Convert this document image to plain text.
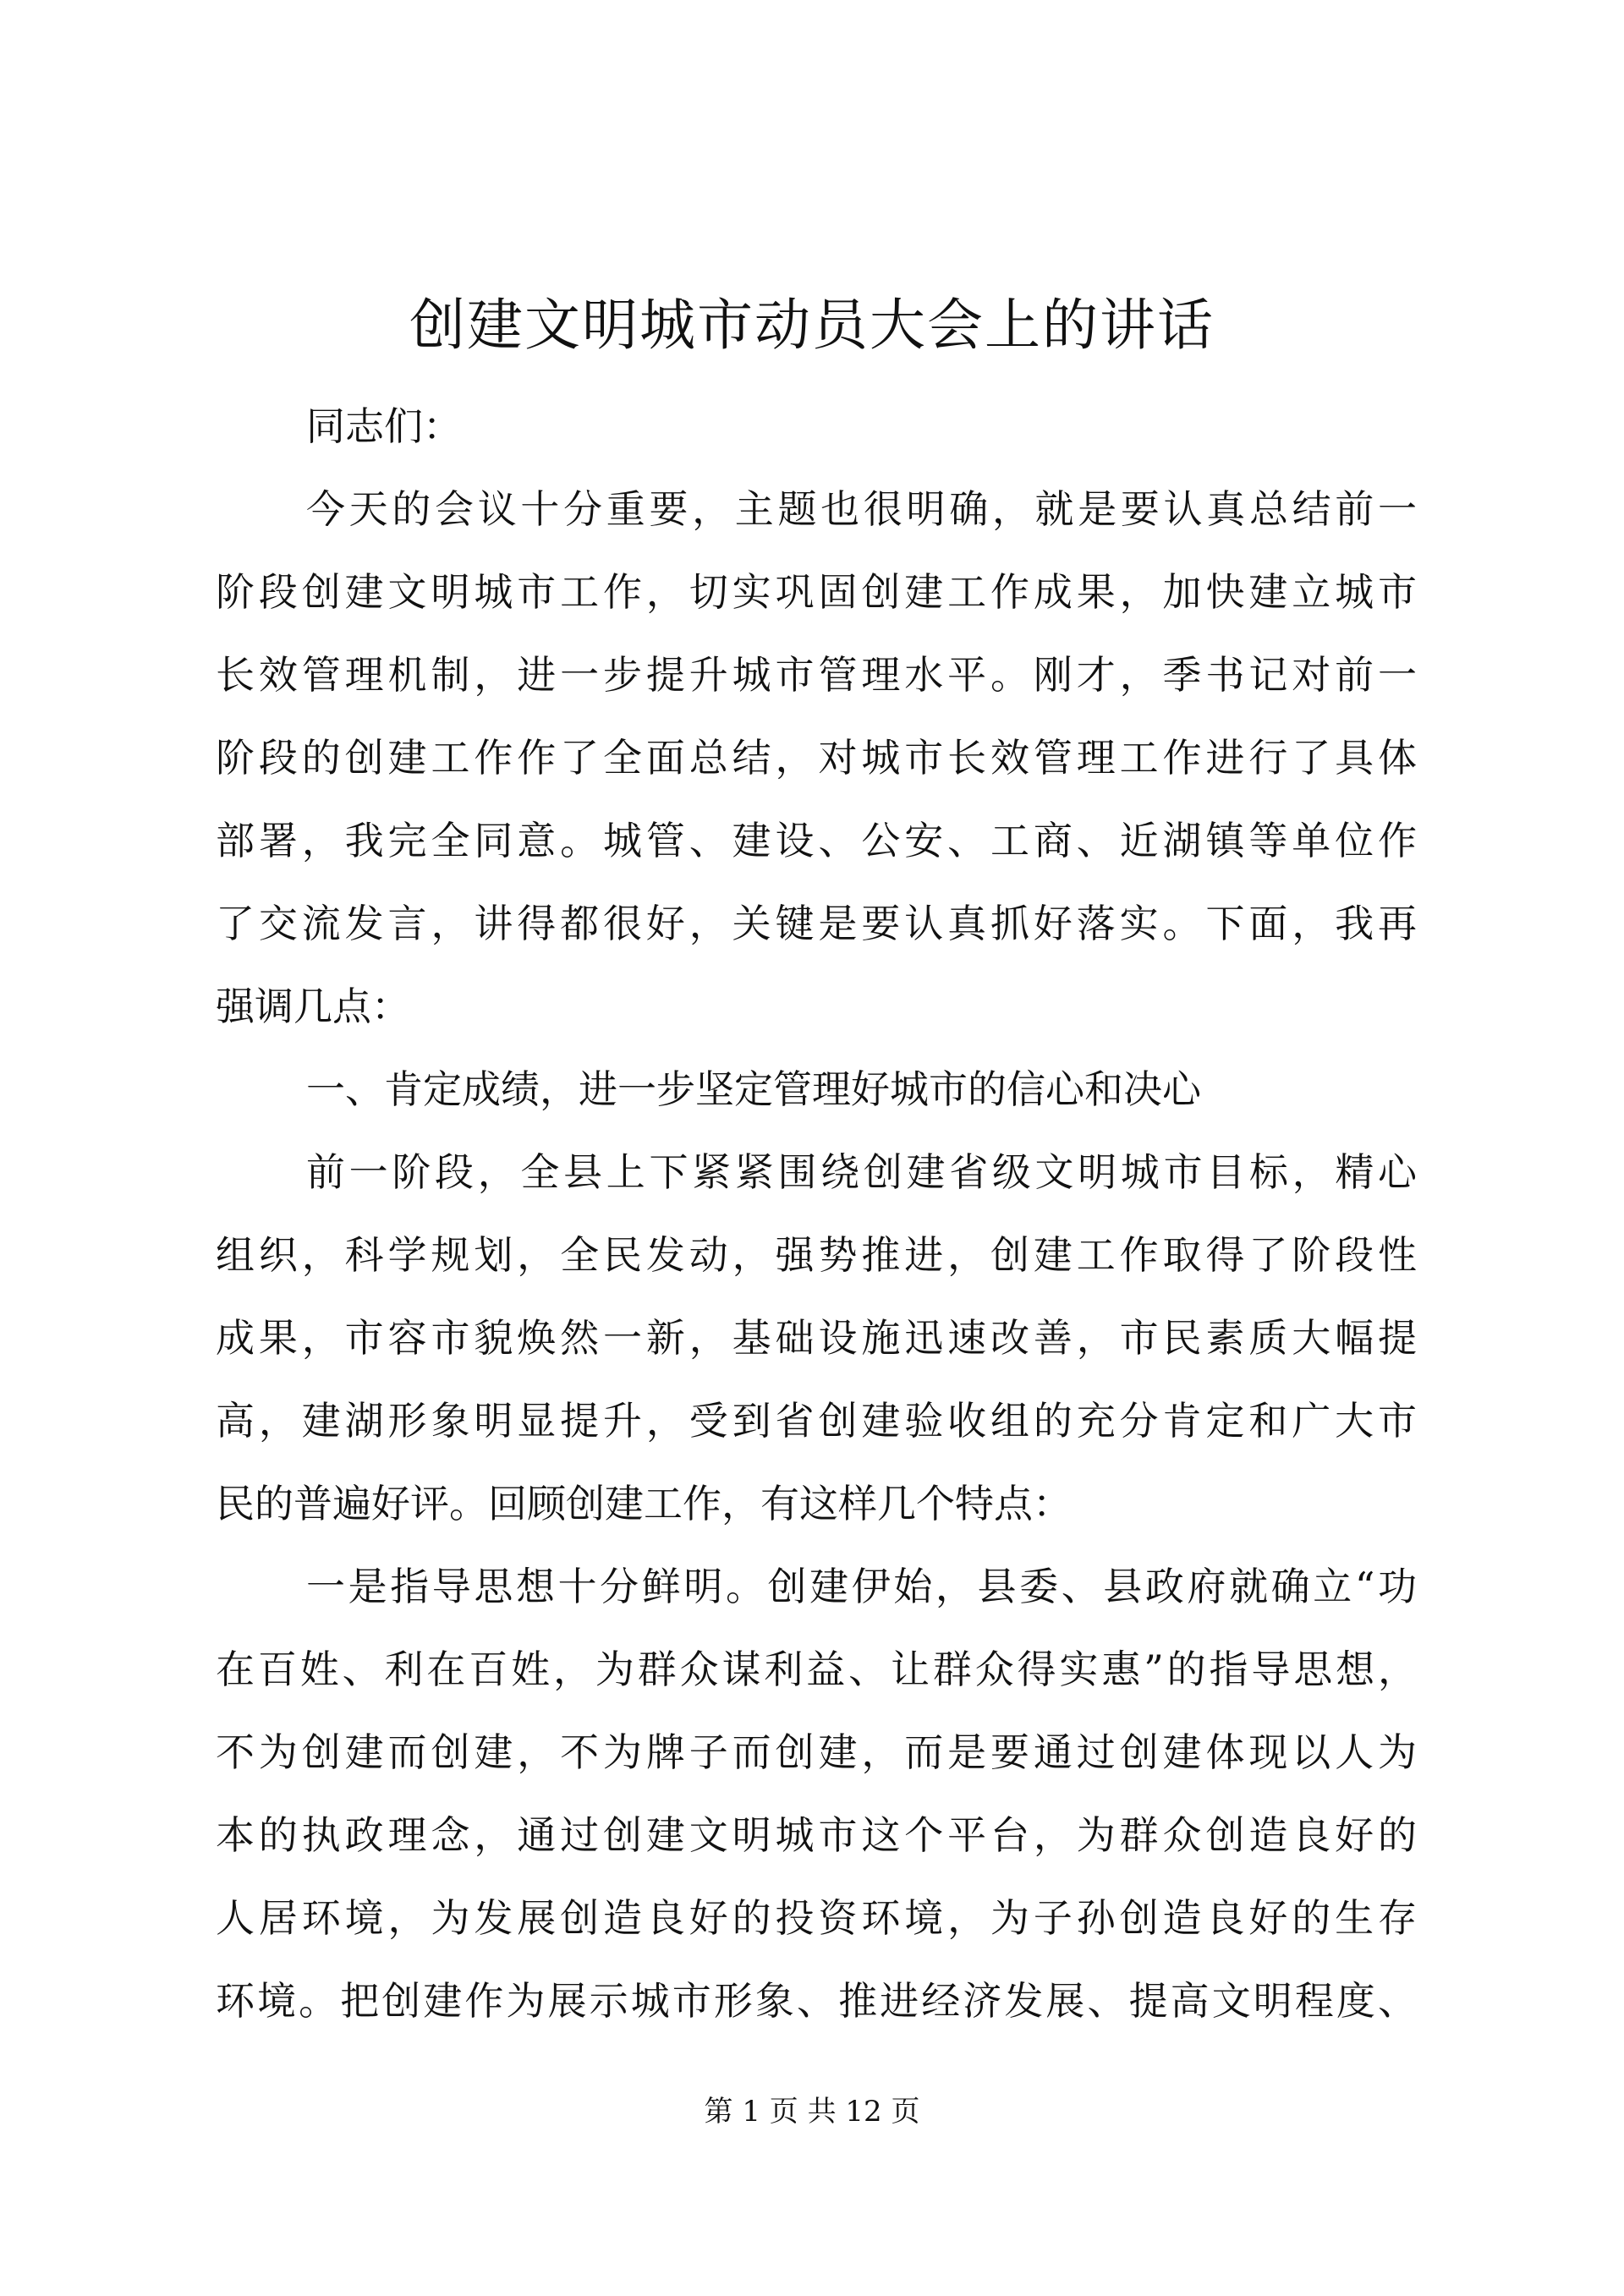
创建文明城市动员大会上的讲话
同志们：
今天的会议十分重要，主题也很明确，就是要认真总结前一
阶段创建文明城市工作，切实巩固创建工作成果，加快建立城市
长效管理机制，进一步提升城市管理水平。刚才，季书记对前一
阶段的创建工作作了全面总结，对城市长效管理工作进行了具体
部署，我完全同意。城管、建设、公安、工商、近湖镇等单位作
了交流发言，讲得都很好，关键是要认真抓好落实。下面，我再
强调几点：
一、肯定成绩，进一步坚定管理好城市的信心和决心
前一阶段，全县上下紧紧围绕创建省级文明城市目标，精心
组织，科学规划，全民发动，强势推进，创建工作取得了阶段性
成果，市容市貌焕然一新，基础设施迅速改善，市民素质大幅提
高，建湖形象明显提升，受到省创建验收组的充分肯定和广大市
民的普遍好评。回顾创建工作，有这样几个特点：
一是指导思想十分鲜明。创建伊始，县委、县政府就确立“功
在百姓、利在百姓，为群众谋利益、让群众得实惠”的指导思想，
不为创建而创建，不为牌子而创建，而是要通过创建体现以人为
本的执政理念，通过创建文明城市这个平台，为群众创造良好的
人居环境，为发展创造良好的投资环境，为子孙创造良好的生存
环境。把创建作为展示城市形象、推进经济发展、提高文明程度、
第 1 页 共 12 页
